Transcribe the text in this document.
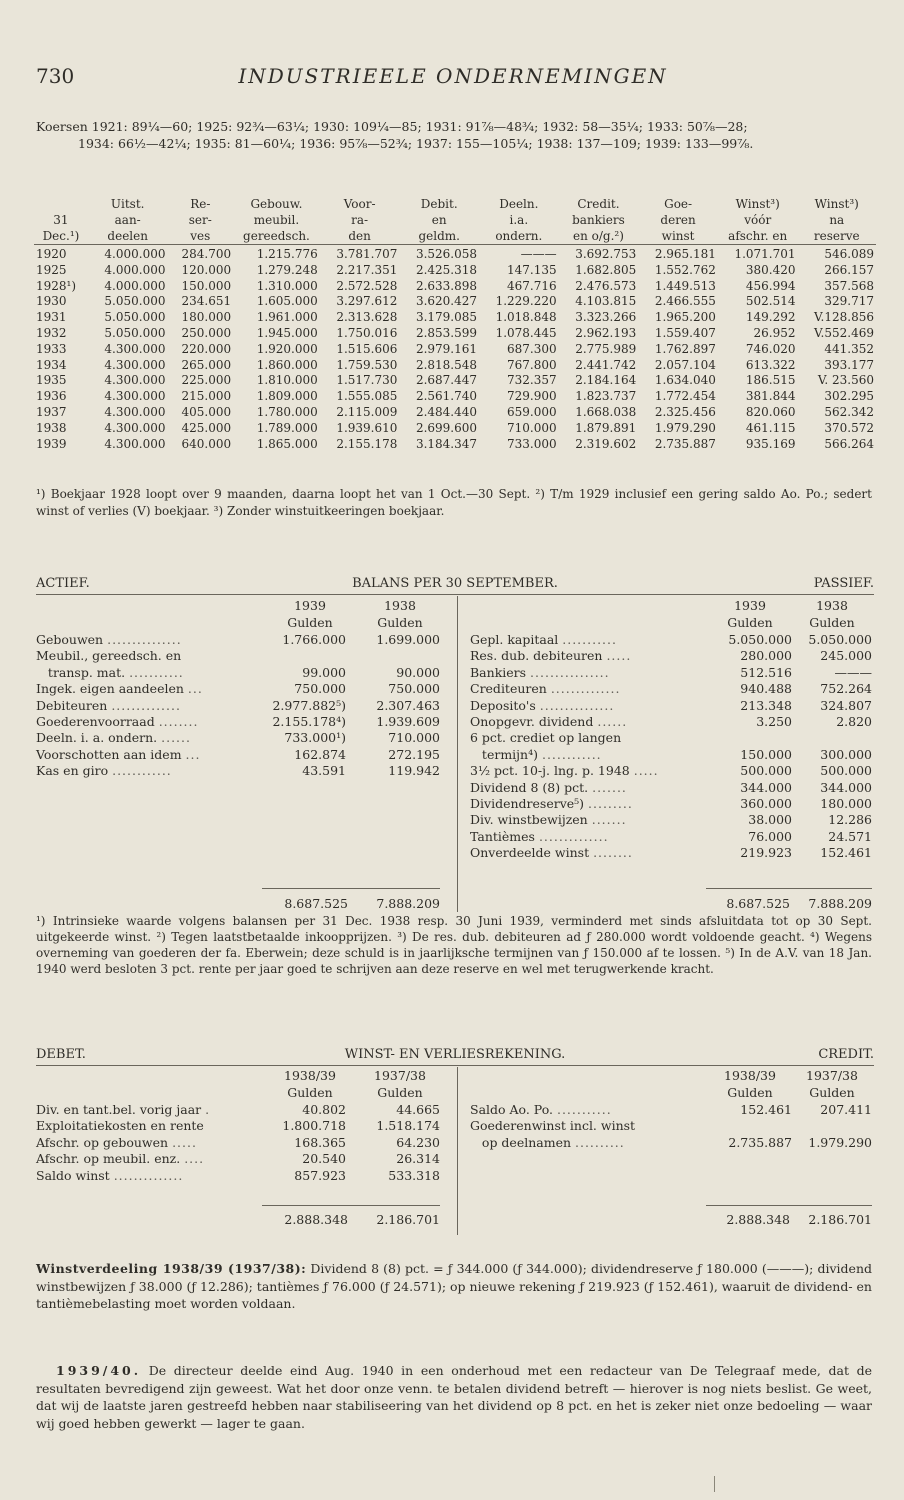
730	INDUSTRIEELE ONDERNEMINGEN
Koersen 1921: 89¼—60; 1925: 92¾—63¼; 1930: 109¼—85; 1931: 91⅞—48¾; 1932: 58—35¼; 1933: 50⅞—28;
1934: 66½—42¼; 1935: 81—60¼; 1936: 95⅞—52¾; 1937: 155—105¼; 1938: 137—109; 1939: 133—99⅞.
	Uitst.	Re-	Gebouw.	Voor-	Debit.	Deeln.	Credit.	Goe-	Winst³)	Winst³)
31	aan-	ser-	meubil.	ra-	en	i.a.	bankiers	deren	vóór	na
Dec.¹)	deelen	ves	gereedsch.	den	geldm.	ondern.	en o/g.²)	winst	afschr. en	reserve
1920	4.000.000	284.700	1.215.776	3.781.707	3.526.058	———	3.692.753	2.965.181	1.071.701	546.089
1925	4.000.000	120.000	1.279.248	2.217.351	2.425.318	147.135	1.682.805	1.552.762	380.420	266.157
1928¹)	4.000.000	150.000	1.310.000	2.572.528	2.633.898	467.716	2.476.573	1.449.513	456.994	357.568
1930	5.050.000	234.651	1.605.000	3.297.612	3.620.427	1.229.220	4.103.815	2.466.555	502.514	329.717
1931	5.050.000	180.000	1.961.000	2.313.628	3.179.085	1.018.848	3.323.266	1.965.200	149.292	V.128.856
1932	5.050.000	250.000	1.945.000	1.750.016	2.853.599	1.078.445	2.962.193	1.559.407	26.952	V.552.469
1933	4.300.000	220.000	1.920.000	1.515.606	2.979.161	687.300	2.775.989	1.762.897	746.020	441.352
1934	4.300.000	265.000	1.860.000	1.759.530	2.818.548	767.800	2.441.742	2.057.104	613.322	393.177
1935	4.300.000	225.000	1.810.000	1.517.730	2.687.447	732.357	2.184.164	1.634.040	186.515	V. 23.560
1936	4.300.000	215.000	1.809.000	1.555.085	2.561.740	729.900	1.823.737	1.772.454	381.844	302.295
1937	4.300.000	405.000	1.780.000	2.115.009	2.484.440	659.000	1.668.038	2.325.456	820.060	562.342
1938	4.300.000	425.000	1.789.000	1.939.610	2.699.600	710.000	1.879.891	1.979.290	461.115	370.572
1939	4.300.000	640.000	1.865.000	2.155.178	3.184.347	733.000	2.319.602	2.735.887	935.169	566.264
¹) Boekjaar 1928 loopt over 9 maanden, daarna loopt het van 1 Oct.—30 Sept. ²) T/m 1929 inclusief een gering saldo Ao. Po.; sedert winst of verlies (V) boekjaar. ³) Zonder winstuitkeeringen boekjaar.
ACTIEF.	BALANS PER 30 SEPTEMBER.	PASSIEF.
1939	1938
Gulden	Gulden
Gebouwen ...............	1.766.000	1.699.000
Meubil., gereedsch. en
transp. mat. ...........	99.000	90.000
Ingek. eigen aandeelen ...	750.000	750.000
Debiteuren ..............	2.977.882⁵)	2.307.463
Goederenvoorraad ........	2.155.178⁴)	1.939.609
Deeln. i. a. ondern. ......	733.000¹)	710.000
Voorschotten aan idem ...	162.874	272.195
Kas en giro ............	43.591	119.942
1939	1938
Gulden	Gulden
Gepl. kapitaal ...........	5.050.000	5.050.000
Res. dub. debiteuren .....	280.000	245.000
Bankiers ................	512.516	———
Crediteuren ..............	940.488	752.264
Deposito's ...............	213.348	324.807
Onopgevr. dividend ......	3.250	2.820
6 pct. crediet op langen
termijn⁴) ............	150.000	300.000
3½ pct. 10-j. lng. p. 1948 .....	500.000	500.000
Dividend 8 (8) pct. .......	344.000	344.000
Dividendreserve⁵) .........	360.000	180.000
Div. winstbewijzen .......	38.000	12.286
Tantièmes ..............	76.000	24.571
Onverdeelde winst ........	219.923	152.461
8.687.525	7.888.209	8.687.525	7.888.209
¹) Intrinsieke waarde volgens balansen per 31 Dec. 1938 resp. 30 Juni 1939, verminderd met sinds afsluitdata tot op 30 Sept. uitgekeerde winst. ²) Tegen laatstbetaalde inkoopprijzen. ³) De res. dub. debiteuren ad ƒ 280.000 wordt voldoende geacht. ⁴) Wegens overneming van goederen der fa. Eberwein; deze schuld is in jaarlijksche termijnen van ƒ 150.000 af te lossen. ⁵) In de A.V. van 18 Jan. 1940 werd besloten 3 pct. rente per jaar goed te schrijven aan deze reserve en wel met terugwerkende kracht.
DEBET.	WINST- EN VERLIESREKENING.	CREDIT.
1938/39	1937/38
Gulden	Gulden
Div. en tant.bel. vorig jaar .	40.802	44.665
Exploitatiekosten en rente	1.800.718	1.518.174
Afschr. op gebouwen .....	168.365	64.230
Afschr. op meubil. enz. ....	20.540	26.314
Saldo winst ..............	857.923	533.318
1938/39	1937/38
Gulden	Gulden
Saldo Ao. Po. ...........	152.461	207.411
Goederenwinst incl. winst
op deelnamen ..........	2.735.887	1.979.290
2.888.348	2.186.701	2.888.348	2.186.701
Winstverdeeling 1938/39 (1937/38): Dividend 8 (8) pct. = ƒ 344.000 (ƒ 344.000); dividendreserve ƒ 180.000 (———); dividend winstbewijzen ƒ 38.000 (ƒ 12.286); tantièmes ƒ 76.000 (ƒ 24.571); op nieuwe rekening ƒ 219.923 (ƒ 152.461), waaruit de dividend- en tantièmebelasting moet worden voldaan.
1939/40. De directeur deelde eind Aug. 1940 in een onderhoud met een redacteur van De Telegraaf mede, dat de resultaten bevredigend zijn geweest. Wat het door onze venn. te betalen dividend betreft — hierover is nog niets beslist. Ge weet, dat wij de laatste jaren gestreefd hebben naar stabiliseering van het dividend op 8 pct. en het is zeker niet onze bedoeling — waar wij goed hebben gewerkt — lager te gaan.
